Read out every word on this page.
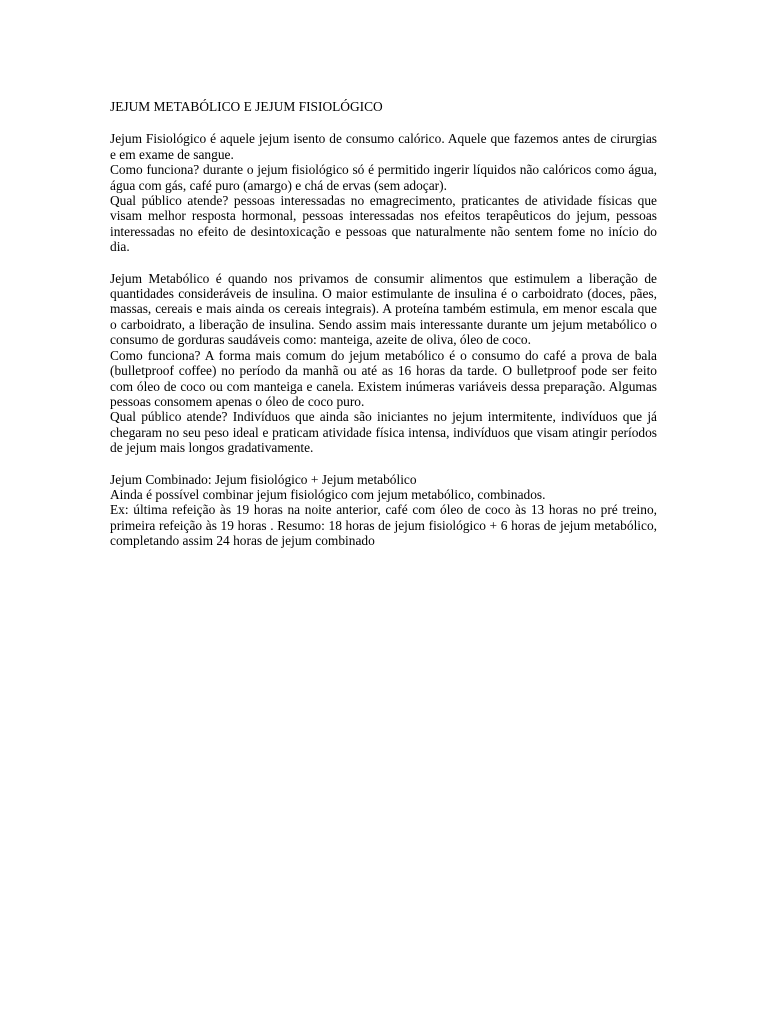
JEJUM METABÓLICO E JEJUM FISIOLÓGICO

Jejum Fisiológico é aquele jejum isento de consumo calórico. Aquele que fazemos antes de cirurgias e em exame de sangue.

Como funciona? durante o jejum fisiológico só é permitido ingerir líquidos não calóricos como água, água com gás, café puro (amargo) e chá de ervas (sem adoçar).

Qual público atende? pessoas interessadas no emagrecimento, praticantes de atividade físicas que visam melhor resposta hormonal, pessoas interessadas nos efeitos terapêuticos do jejum, pessoas interessadas no efeito de desintoxicação e pessoas que naturalmente não sentem fome no início do dia.

Jejum Metabólico é quando nos privamos de consumir alimentos que estimulem a liberação de quantidades consideráveis de insulina. O maior estimulante de insulina é o carboidrato (doces, pães, massas, cereais e mais ainda os cereais integrais). A proteína também estimula, em menor escala que o carboidrato, a liberação de insulina. Sendo assim mais interessante durante um jejum metabólico o consumo de gorduras saudáveis como: manteiga, azeite de oliva, óleo de coco.

Como funciona? A forma mais comum do jejum metabólico é o consumo do café a prova de bala (bulletproof coffee) no período da manhã ou até as 16 horas da tarde. O bulletproof pode ser feito com óleo de coco ou com manteiga e canela. Existem inúmeras variáveis dessa preparação. Algumas pessoas consomem apenas o óleo de coco puro.

Qual público atende? Indivíduos que ainda são iniciantes no jejum intermitente, indivíduos que já chegaram no seu peso ideal e praticam atividade física intensa, indivíduos que visam atingir períodos de jejum mais longos gradativamente.

Jejum Combinado: Jejum fisiológico + Jejum metabólico

Ainda é possível combinar jejum fisiológico com jejum metabólico, combinados.

Ex: última refeição às 19 horas na noite anterior, café com óleo de coco às 13 horas no pré treino, primeira refeição às 19 horas . Resumo: 18 horas de jejum fisiológico + 6 horas de jejum metabólico, completando assim 24 horas de jejum combinado
